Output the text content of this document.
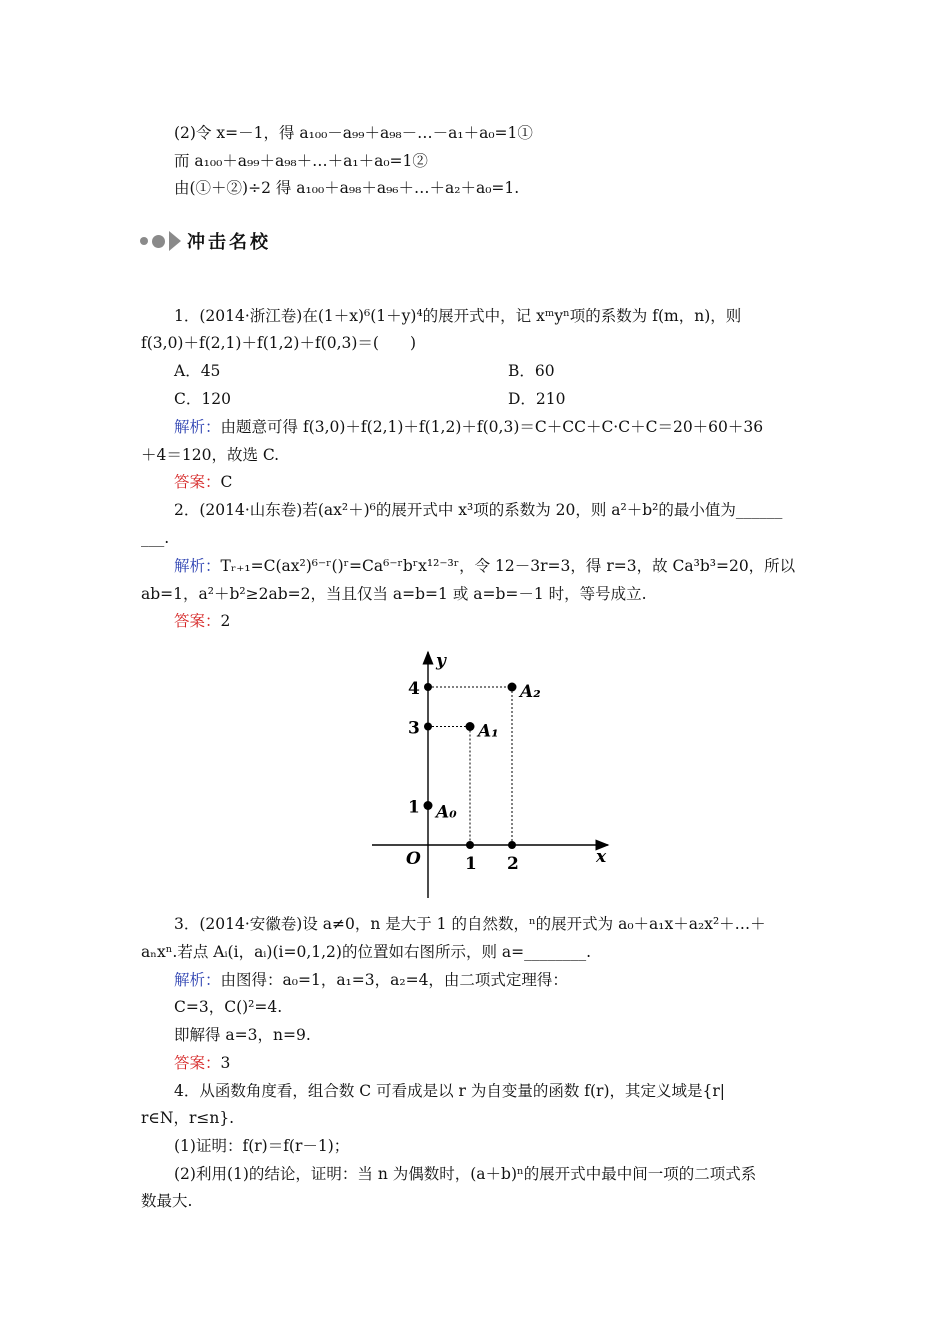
(2)令 x=－1，得 a₁₀₀－a₉₉＋a₉₈－…－a₁＋a₀=1①
而 a₁₀₀＋a₉₉＋a₉₈＋…＋a₁＋a₀=1②
由(①＋②)÷2 得 a₁₀₀＋a₉₈＋a₉₆＋…＋a₂＋a₀=1.
冲击名校
1．(2014·浙江卷)在(1＋x)⁶(1＋y)⁴的展开式中，记 xᵐyⁿ项的系数为 f(m，n)，则
f(3,0)＋f(2,1)＋f(1,2)＋f(0,3)＝(　　)
A．45	B．60
C．120	D．210
解析：由题意可得 f(3,0)＋f(2,1)＋f(1,2)＋f(0,3)＝C＋CC＋C·C＋C＝20＋60＋36
＋4＝120，故选 C.
答案：C
2．(2014·山东卷)若(ax²＋)⁶的展开式中 x³项的系数为 20，则 a²＋b²的最小值为______
___.
解析：Tᵣ₊₁=C(ax²)⁶⁻ʳ()ʳ=Ca⁶⁻ʳbʳx¹²⁻³ʳ，令 12－3r=3，得 r=3，故 Ca³b³=20，所以
ab=1，a²＋b²≥2ab=2，当且仅当 a=b=1 或 a=b=－1 时，等号成立.
答案：2
A₀
A₁
A₂
1
3
4
1 2	x
y
O
3．(2014·安徽卷)设 a≠0，n 是大于 1 的自然数，ⁿ的展开式为 a₀＋a₁x＋a₂x²＋…＋
aₙxⁿ.若点 Aᵢ(i，aᵢ)(i=0,1,2)的位置如右图所示，则 a=________.
解析：由图得：a₀=1，a₁=3，a₂=4，由二项式定理得：
C=3，C()²=4.
即解得 a=3，n=9.
答案：3
4．从函数角度看，组合数 C 可看成是以 r 为自变量的函数 f(r)，其定义域是{r|
r∈N，r≤n}.
(1)证明：f(r)＝f(r－1)；
(2)利用(1)的结论，证明：当 n 为偶数时，(a＋b)ⁿ的展开式中最中间一项的二项式系
数最大.
